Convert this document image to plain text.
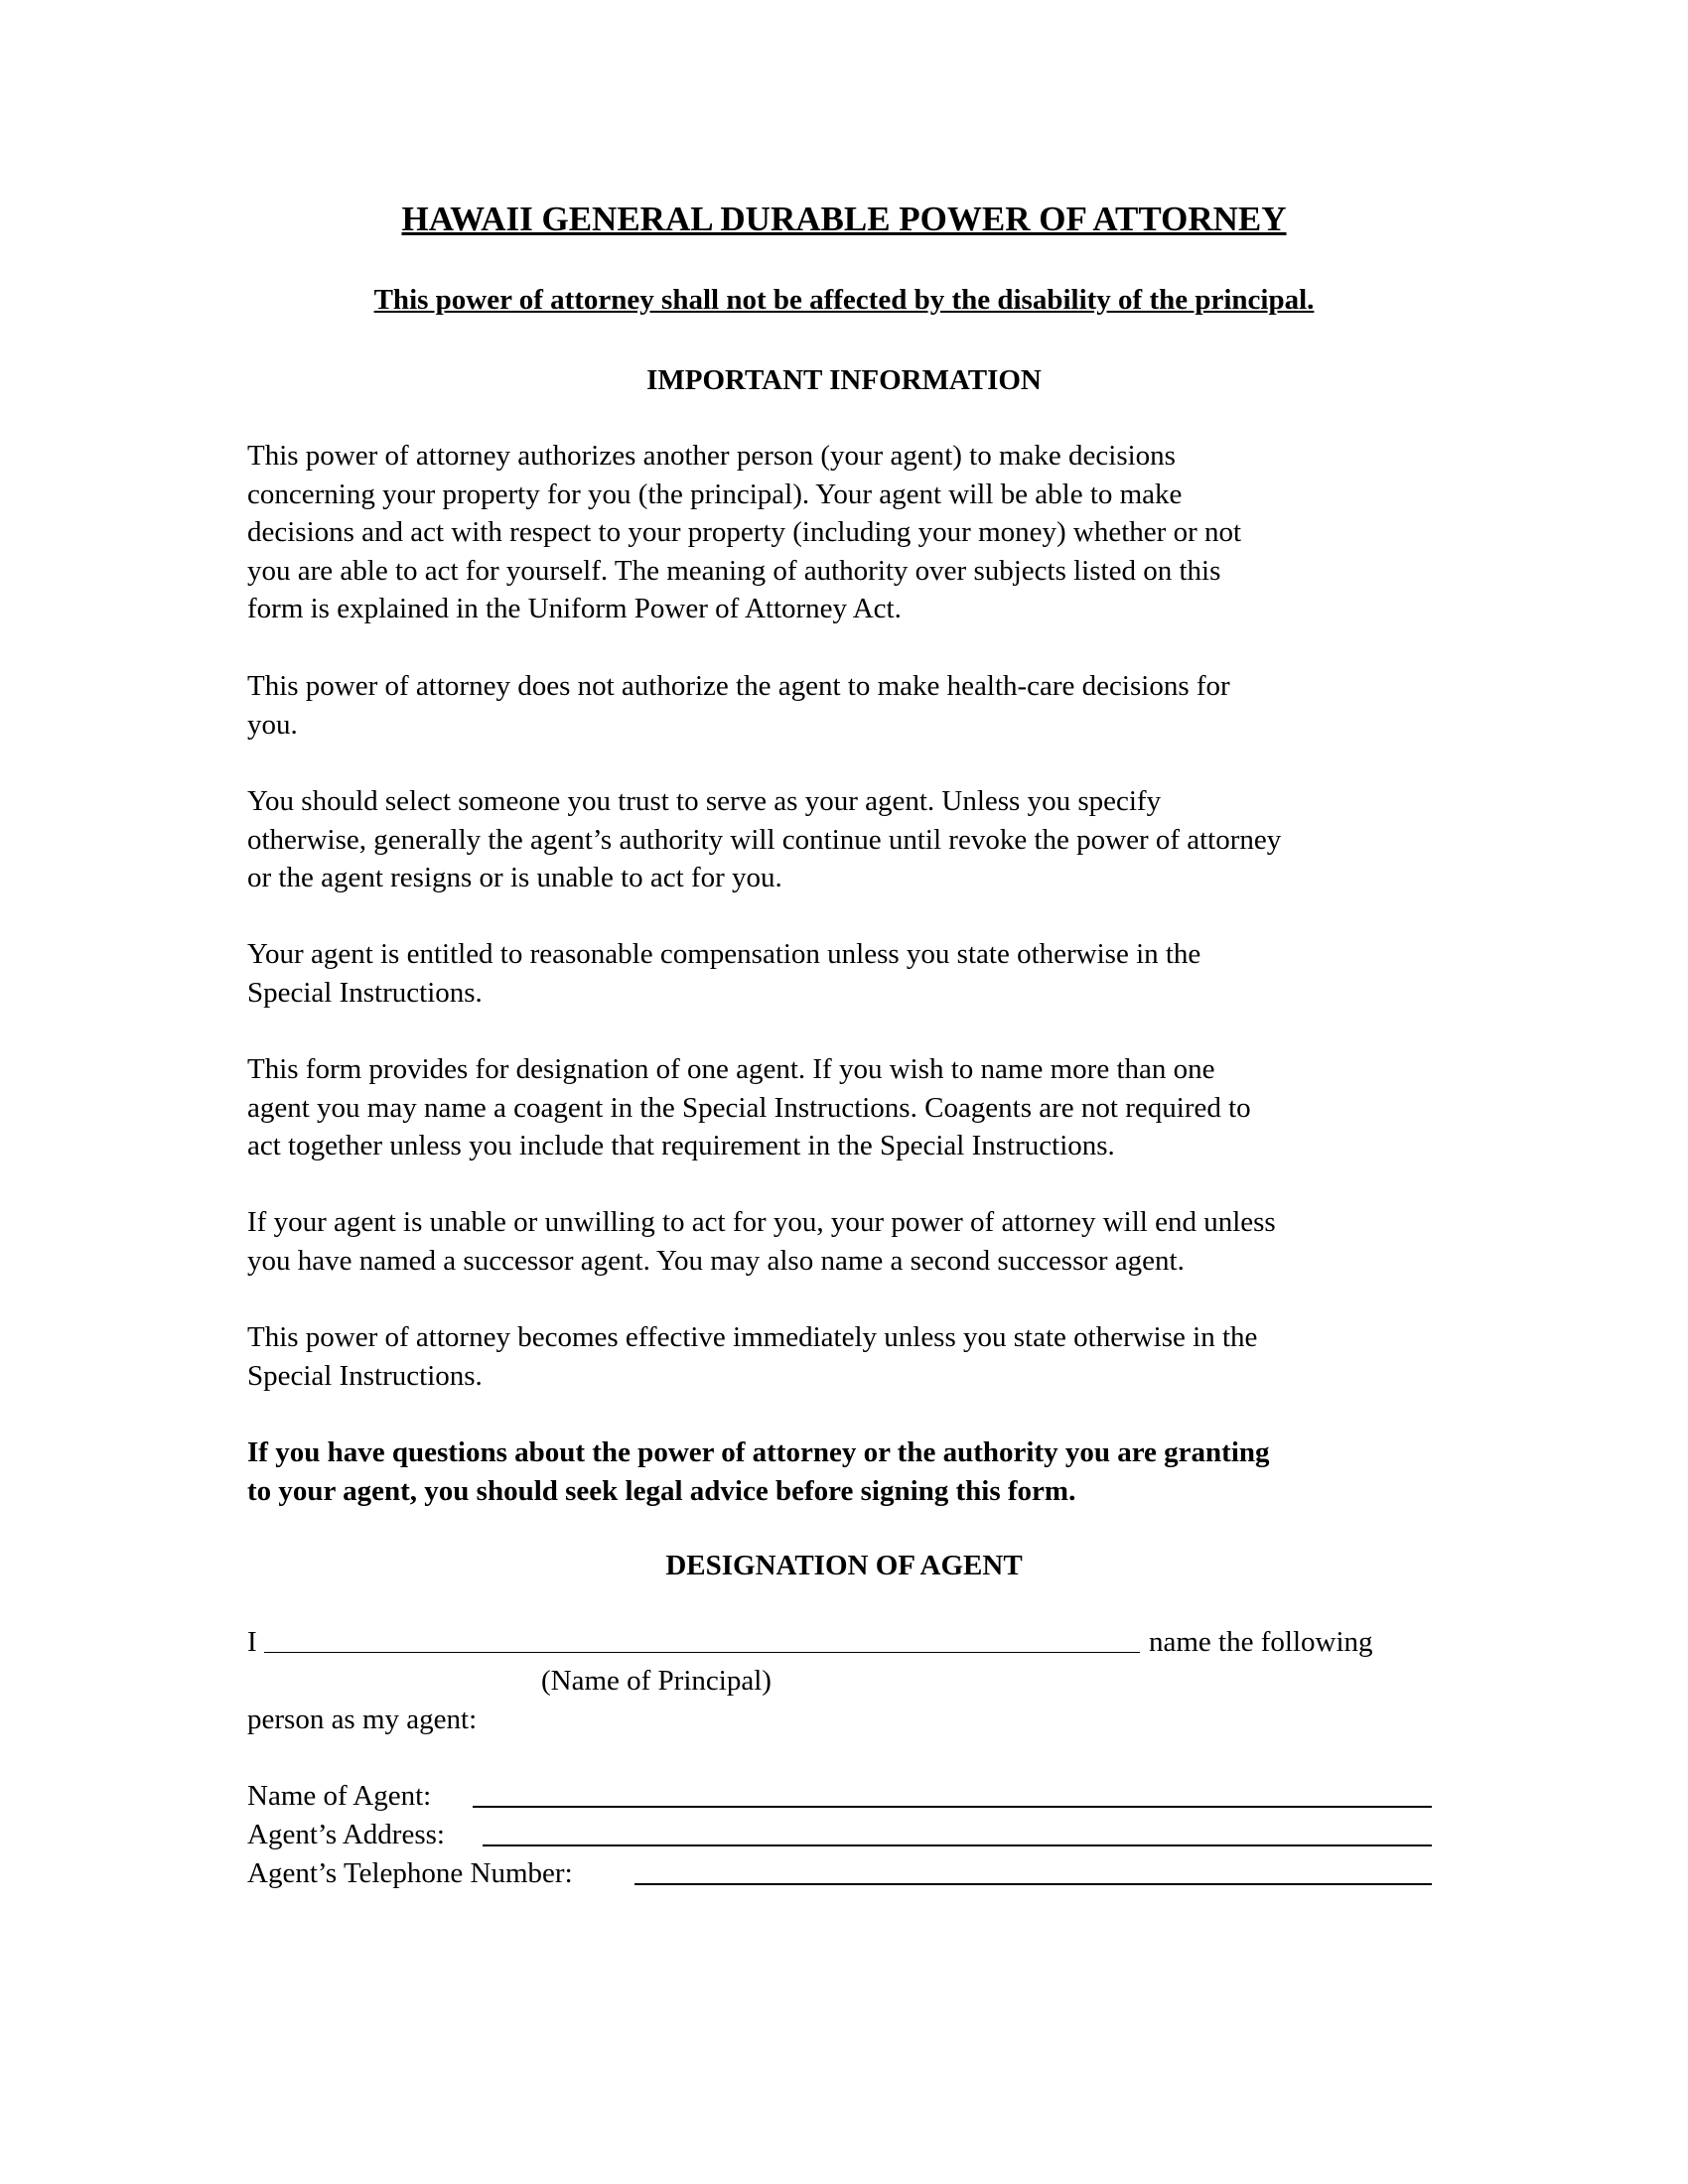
HAWAII GENERAL DURABLE POWER OF ATTORNEY
This power of attorney shall not be affected by the disability of the principal.
IMPORTANT INFORMATION
This power of attorney authorizes another person (your agent) to make decisions
concerning your property for you (the principal). Your agent will be able to make
decisions and act with respect to your property (including your money) whether or not
you are able to act for yourself. The meaning of authority over subjects listed on this
form is explained in the Uniform Power of Attorney Act.
This power of attorney does not authorize the agent to make health-care decisions for
you.
You should select someone you trust to serve as your agent. Unless you specify
otherwise, generally the agent’s authority will continue until revoke the power of attorney
or the agent resigns or is unable to act for you.
Your agent is entitled to reasonable compensation unless you state otherwise in the
Special Instructions.
This form provides for designation of one agent. If you wish to name more than one
agent you may name a coagent in the Special Instructions. Coagents are not required to
act together unless you include that requirement in the Special Instructions.
If your agent is unable or unwilling to act for you, your power of attorney will end unless
you have named a successor agent. You may also name a second successor agent.
This power of attorney becomes effective immediately unless you state otherwise in the
Special Instructions.
If you have questions about the power of attorney or the authority you are granting
to your agent, you should seek legal advice before signing this form.
DESIGNATION OF AGENT
I	name the following
(Name of Principal)
person as my agent:
Name of Agent:
Agent’s Address:
Agent’s Telephone Number:
